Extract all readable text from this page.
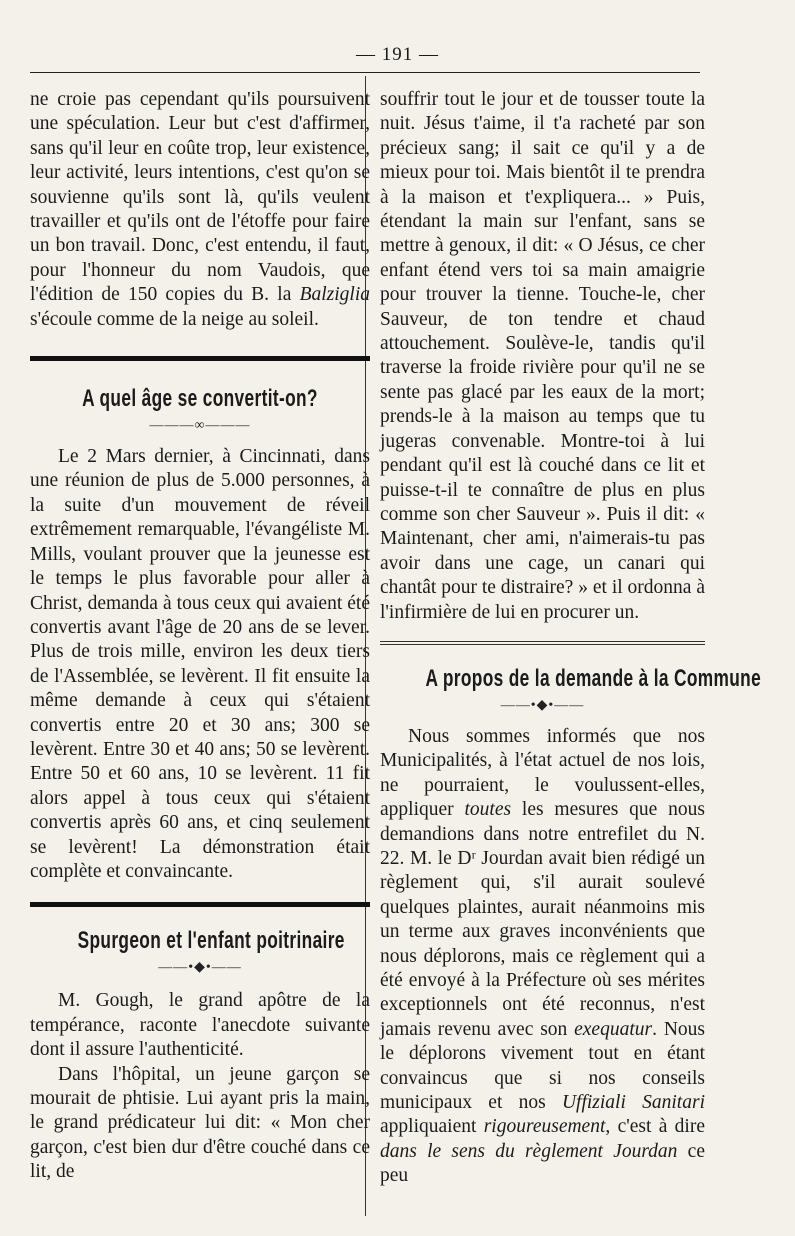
— 191 —

ne croie pas cependant qu'ils poursuivent une spéculation. Leur but c'est d'affirmer, sans qu'il leur en coûte trop, leur existence, leur activité, leurs intentions, c'est qu'on se souvienne qu'ils sont là, qu'ils veulent travailler et qu'ils ont de l'étoffe pour faire un bon travail. Donc, c'est entendu, il faut, pour l'honneur du nom Vaudois, que l'édition de 150 copies du B. la Balziglia s'écoule comme de la neige au soleil.

A quel âge se convertit-on?
———∞———

Le 2 Mars dernier, à Cincinnati, dans une réunion de plus de 5.000 personnes, à la suite d'un mouvement de réveil extrêmement remarquable, l'évangéliste M. Mills, voulant prouver que la jeunesse est le temps le plus favorable pour aller à Christ, demanda à tous ceux qui avaient été convertis avant l'âge de 20 ans de se lever. Plus de trois mille, environ les deux tiers de l'Assemblée, se levèrent. Il fit ensuite la même demande à ceux qui s'étaient convertis entre 20 et 30 ans; 300 se levèrent. Entre 30 et 40 ans; 50 se levèrent. Entre 50 et 60 ans, 10 se levèrent. 11 fit alors appel à tous ceux qui s'étaient convertis après 60 ans, et cinq seulement se levèrent! La démonstration était complète et convaincante.

Spurgeon et l'enfant poitrinaire
——•◆•——

M. Gough, le grand apôtre de la tempérance, raconte l'anecdote suivante dont il assure l'authenticité.

Dans l'hôpital, un jeune garçon se mourait de phtisie. Lui ayant pris la main, le grand prédicateur lui dit: « Mon cher garçon, c'est bien dur d'être couché dans ce lit, de

souffrir tout le jour et de tousser toute la nuit. Jésus t'aime, il t'a racheté par son précieux sang; il sait ce qu'il y a de mieux pour toi. Mais bientôt il te prendra à la maison et t'expliquera... » Puis, étendant la main sur l'enfant, sans se mettre à genoux, il dit: « O Jésus, ce cher enfant étend vers toi sa main amaigrie pour trouver la tienne. Touche-le, cher Sauveur, de ton tendre et chaud attouchement. Soulève-le, tandis qu'il traverse la froide rivière pour qu'il ne se sente pas glacé par les eaux de la mort; prends-le à la maison au temps que tu jugeras convenable. Montre-toi à lui pendant qu'il est là couché dans ce lit et puisse-t-il te connaître de plus en plus comme son cher Sauveur ». Puis il dit: « Maintenant, cher ami, n'aimerais-tu pas avoir dans une cage, un canari qui chantât pour te distraire? » et il ordonna à l'infirmière de lui en procurer un.

A propos de la demande à la Commune
——•◆•——

Nous sommes informés que nos Municipalités, à l'état actuel de nos lois, ne pourraient, le voulussent-elles, appliquer toutes les mesures que nous demandions dans notre entrefilet du N. 22. M. le Dʳ Jourdan avait bien rédigé un règlement qui, s'il aurait soulevé quelques plaintes, aurait néanmoins mis un terme aux graves inconvénients que nous déplorons, mais ce règlement qui a été envoyé à la Préfecture où ses mérites exceptionnels ont été reconnus, n'est jamais revenu avec son exequatur. Nous le déplorons vivement tout en étant convaincus que si nos conseils municipaux et nos Uffiziali Sanitari appliquaient rigoureusement, c'est à dire dans le sens du règlement Jourdan ce peu
